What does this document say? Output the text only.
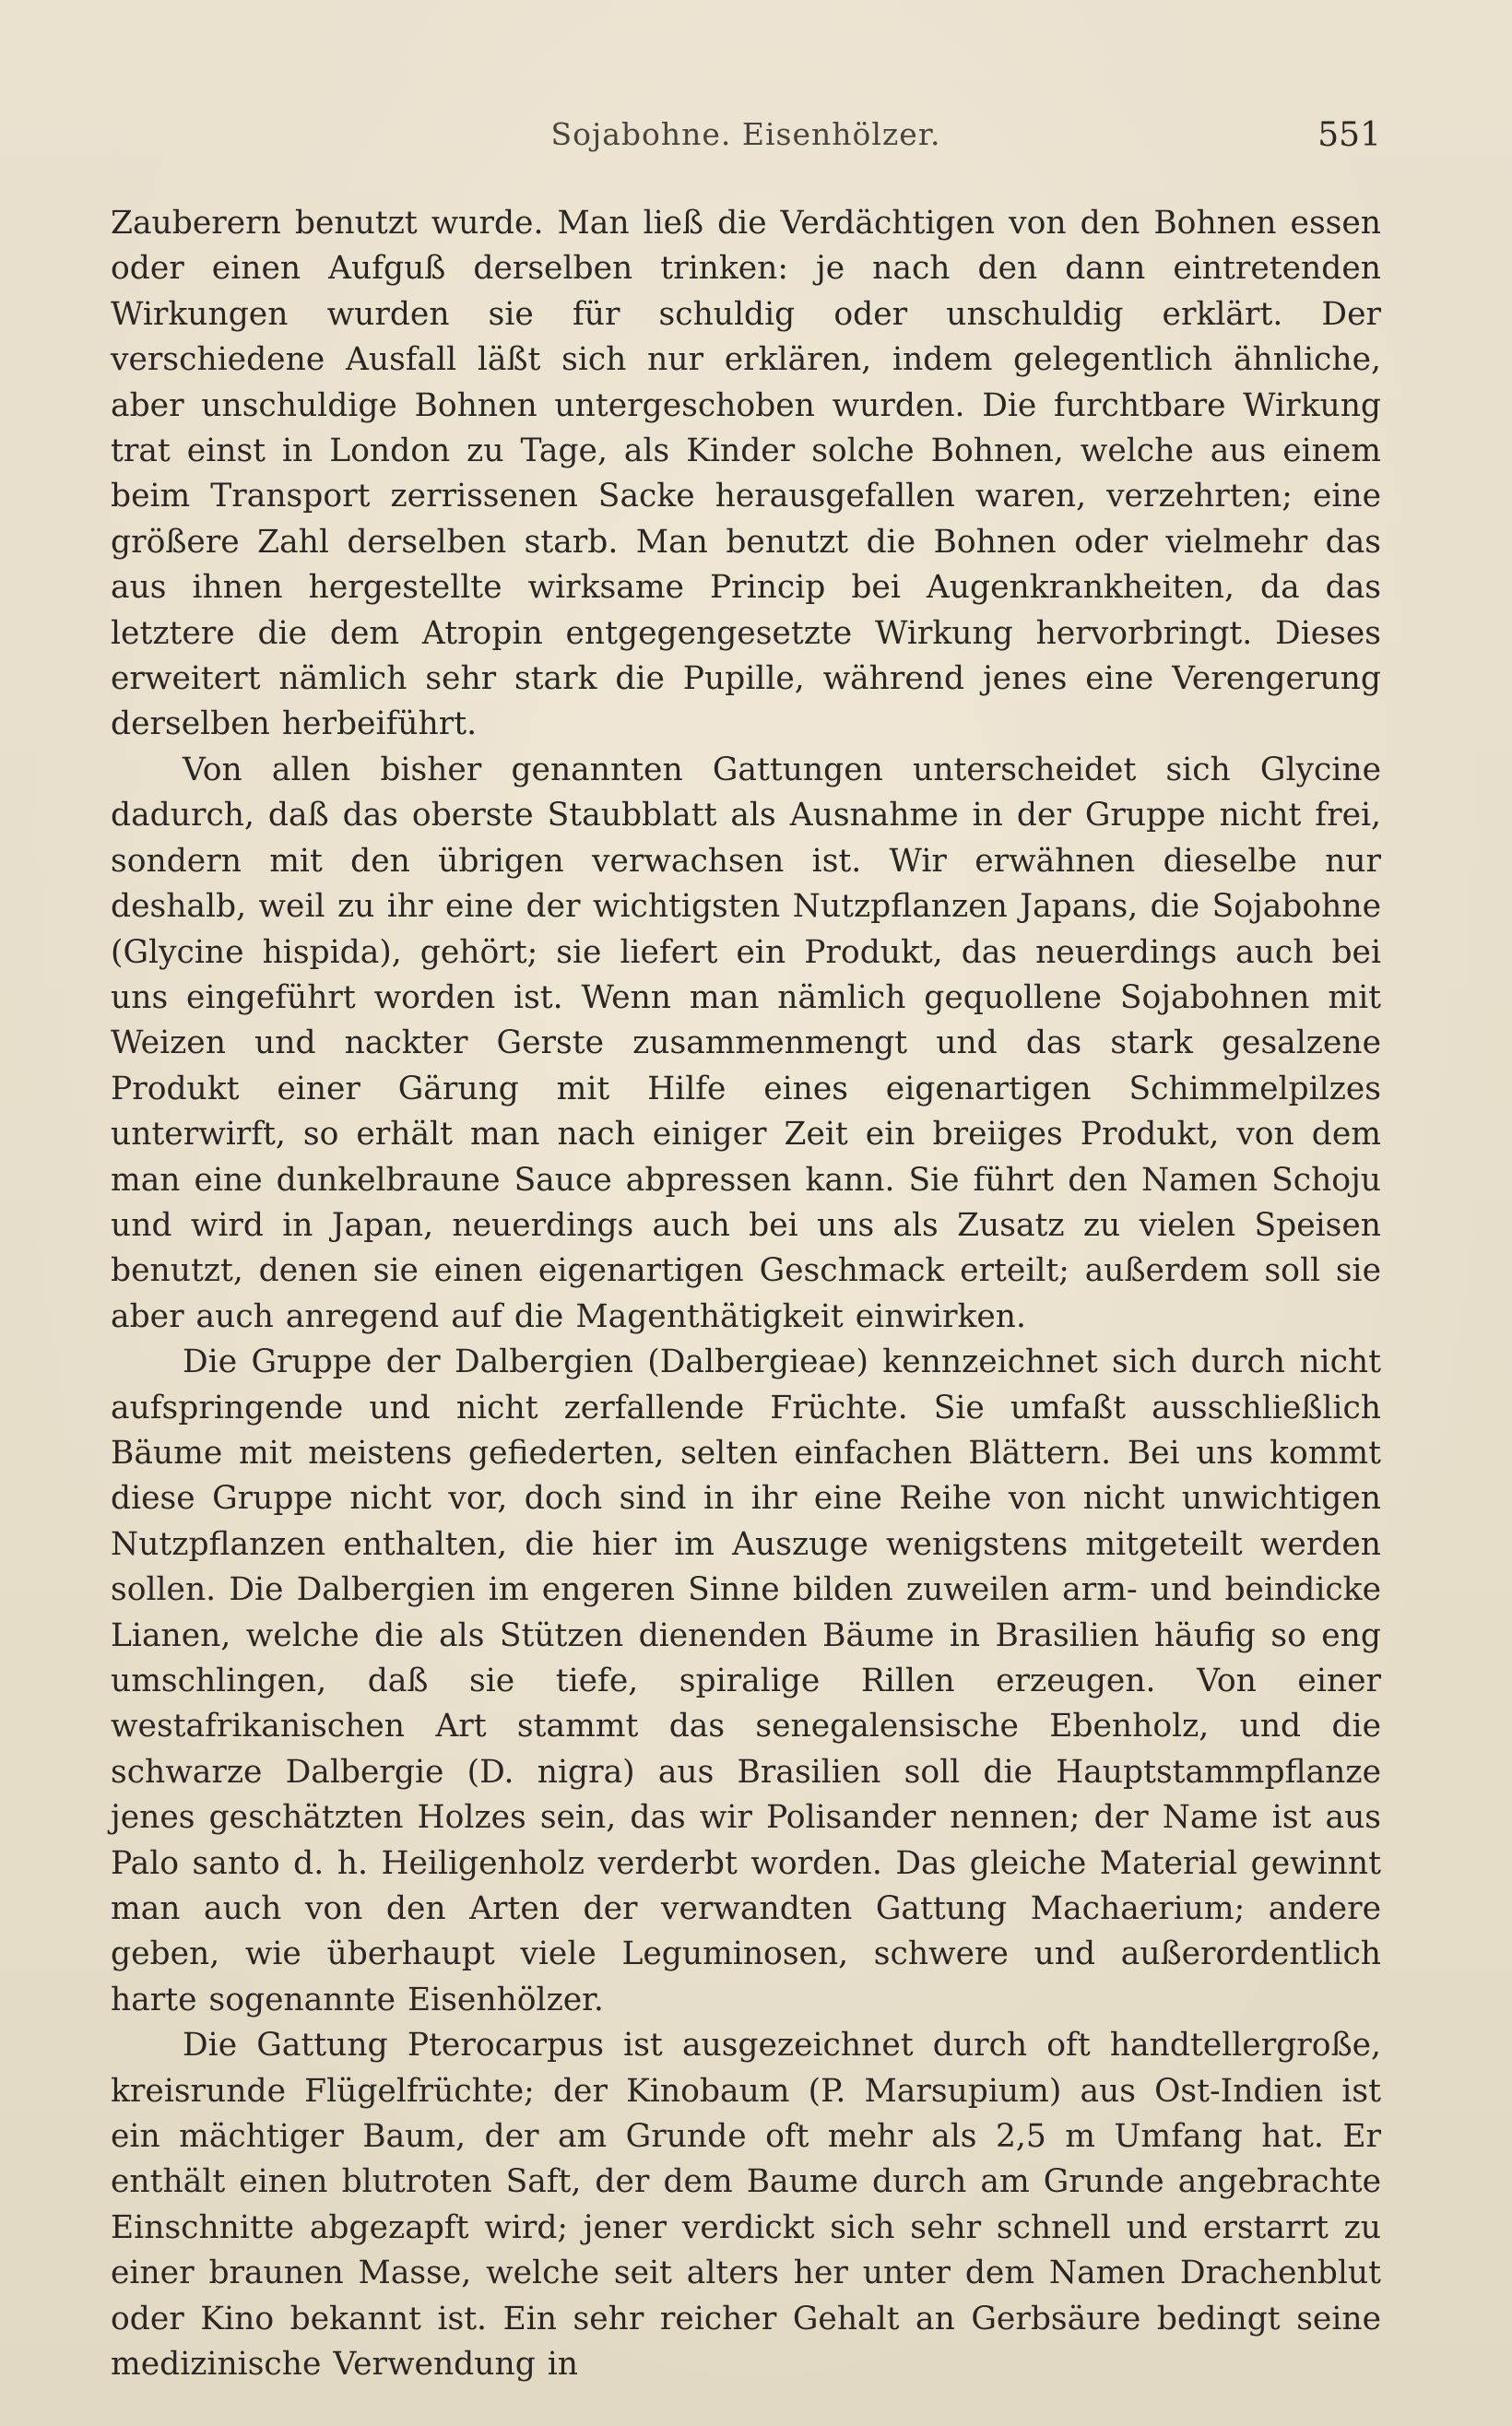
Sojabohne. Eisenhölzer.	551

Zauberern benutzt wurde. Man ließ die Verdächtigen von den Bohnen essen oder einen Aufguß derselben trinken: je nach den dann eintretenden Wirkungen wurden sie für schuldig oder unschuldig erklärt. Der verschiedene Ausfall läßt sich nur erklären, indem gelegentlich ähnliche, aber unschuldige Bohnen untergeschoben wurden. Die furchtbare Wirkung trat einst in London zu Tage, als Kinder solche Bohnen, welche aus einem beim Transport zerrissenen Sacke herausgefallen waren, verzehrten; eine größere Zahl derselben starb. Man benutzt die Bohnen oder vielmehr das aus ihnen hergestellte wirksame Princip bei Augenkrankheiten, da das letztere die dem Atropin entgegengesetzte Wirkung hervorbringt. Dieses erweitert nämlich sehr stark die Pupille, während jenes eine Verengerung derselben herbeiführt.

Von allen bisher genannten Gattungen unterscheidet sich Glycine dadurch, daß das oberste Staubblatt als Ausnahme in der Gruppe nicht frei, sondern mit den übrigen verwachsen ist. Wir erwähnen dieselbe nur deshalb, weil zu ihr eine der wichtigsten Nutzpflanzen Japans, die Sojabohne (Glycine hispida), gehört; sie liefert ein Produkt, das neuerdings auch bei uns eingeführt worden ist. Wenn man nämlich gequollene Sojabohnen mit Weizen und nackter Gerste zusammenmengt und das stark gesalzene Produkt einer Gärung mit Hilfe eines eigenartigen Schimmelpilzes unterwirft, so erhält man nach einiger Zeit ein breiiges Produkt, von dem man eine dunkelbraune Sauce abpressen kann. Sie führt den Namen Schoju und wird in Japan, neuerdings auch bei uns als Zusatz zu vielen Speisen benutzt, denen sie einen eigenartigen Geschmack erteilt; außerdem soll sie aber auch anregend auf die Magenthätigkeit einwirken.

Die Gruppe der Dalbergien (Dalbergieae) kennzeichnet sich durch nicht aufspringende und nicht zerfallende Früchte. Sie umfaßt ausschließlich Bäume mit meistens gefiederten, selten einfachen Blättern. Bei uns kommt diese Gruppe nicht vor, doch sind in ihr eine Reihe von nicht unwichtigen Nutzpflanzen enthalten, die hier im Auszuge wenigstens mitgeteilt werden sollen. Die Dalbergien im engeren Sinne bilden zuweilen arm- und beindicke Lianen, welche die als Stützen dienenden Bäume in Brasilien häufig so eng umschlingen, daß sie tiefe, spiralige Rillen erzeugen. Von einer westafrikanischen Art stammt das senegalensische Ebenholz, und die schwarze Dalbergie (D. nigra) aus Brasilien soll die Hauptstammpflanze jenes geschätzten Holzes sein, das wir Polisander nennen; der Name ist aus Palo santo d. h. Heiligenholz verderbt worden. Das gleiche Material gewinnt man auch von den Arten der verwandten Gattung Machaerium; andere geben, wie überhaupt viele Leguminosen, schwere und außerordentlich harte sogenannte Eisenhölzer.

Die Gattung Pterocarpus ist ausgezeichnet durch oft handtellergroße, kreisrunde Flügelfrüchte; der Kinobaum (P. Marsupium) aus Ost-Indien ist ein mächtiger Baum, der am Grunde oft mehr als 2,5 m Umfang hat. Er enthält einen blutroten Saft, der dem Baume durch am Grunde angebrachte Einschnitte abgezapft wird; jener verdickt sich sehr schnell und erstarrt zu einer braunen Masse, welche seit alters her unter dem Namen Drachenblut oder Kino bekannt ist. Ein sehr reicher Gehalt an Gerbsäure bedingt seine medizinische Verwendung in
